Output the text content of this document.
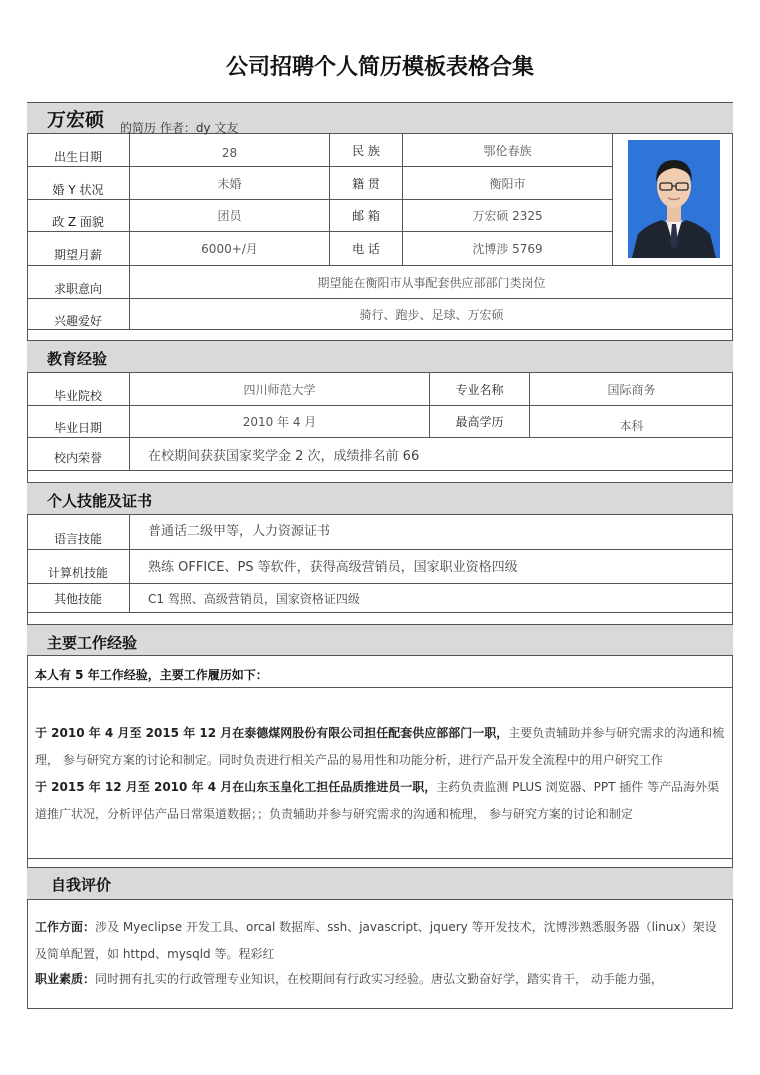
公司招聘个人简历模板表格合集
万宏硕 的简历 作者：dy 文友
出生日期	28	民 族	鄂伦春族
婚 Y 状况	未婚	籍 贯	衡阳市
政 Z 面貌	团员	邮 箱	万宏硕 2325
期望月薪	6000+/月	电 话	沈博涉 5769
求职意向	期望能在衡阳市从事配套供应部部门类岗位
兴趣爱好	骑行、跑步、足球、万宏硕
教育经验
毕业院校	四川师范大学	专业名称	国际商务
毕业日期	2010 年 4 月	最高学历	本科
校内荣誉	在校期间获获国家奖学金 2 次，成绩排名前 66
个人技能及证书
语言技能	普通话二级甲等，人力资源证书
计算机技能	熟练 OFFICE、PS 等软件，获得高级营销员，国家职业资格四级
其他技能	C1 驾照、高级营销员，国家资格证四级
主要工作经验
本人有 5 年工作经验，主要工作履历如下：
于 2010 年 4 月至 2015 年 12 月在泰德煤网股份有限公司担任配套供应部部门一职，主要负责辅助并参与研究需求的沟通和梳理， 参与研究方案的讨论和制定。同时负责进行相关产品的易用性和功能分析，进行产品开发全流程中的用户研究工作
于 2015 年 12 月至 2010 年 4 月在山东玉皇化工担任品质推进员一职，主药负责监测 PLUS 浏览器、PPT 插件 等产品海外渠道推广状况，分析评估产品日常渠道数据；；负责辅助并参与研究需求的沟通和梳理， 参与研究方案的讨论和制定
自我评价
工作方面：涉及 Myeclipse 开发工具、orcal 数据库、ssh、javascript、jquery 等开发技术，沈博涉熟悉服务器（linux）架设及简单配置，如 httpd、mysqld 等。程彩红
职业素质：同时拥有扎实的行政管理专业知识，在校期间有行政实习经验。唐弘文勤奋好学，踏实肯干， 动手能力强，
